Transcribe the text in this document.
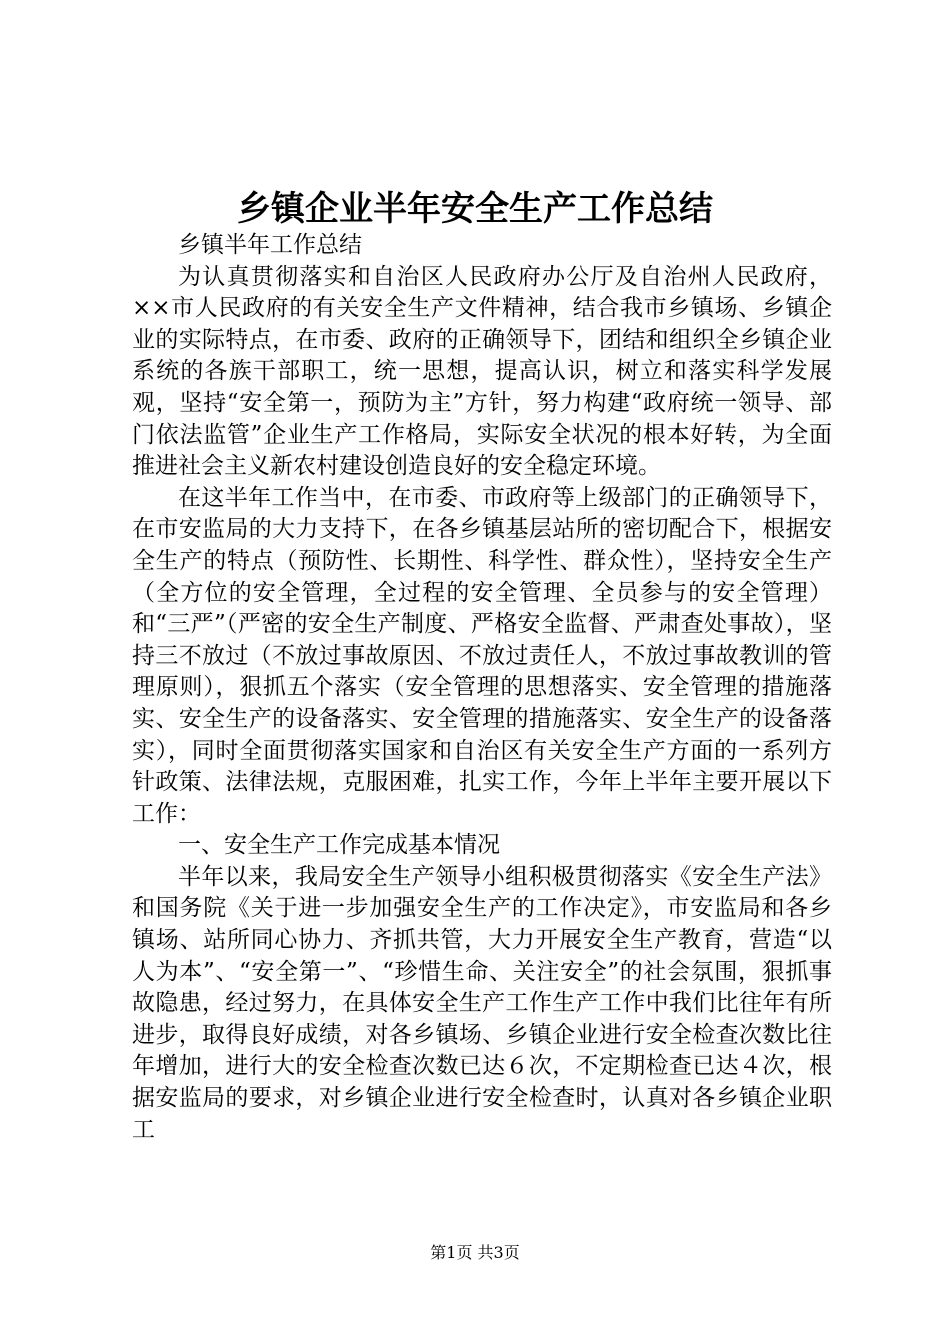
乡镇企业半年安全生产工作总结

乡镇半年工作总结

为认真贯彻落实和自治区人民政府办公厅及自治州人民政府，××市人民政府的有关安全生产文件精神，结合我市乡镇场、乡镇企业的实际特点，在市委、政府的正确领导下，团结和组织全乡镇企业系统的各族干部职工，统一思想，提高认识，树立和落实科学发展观，坚持“安全第一，预防为主”方针，努力构建“政府统一领导、部门依法监管”企业生产工作格局，实际安全状况的根本好转，为全面推进社会主义新农村建设创造良好的安全稳定环境。

在这半年工作当中，在市委、市政府等上级部门的正确领导下，在市安监局的大力支持下，在各乡镇基层站所的密切配合下，根据安全生产的特点（预防性、长期性、科学性、群众性），坚持安全生产（全方位的安全管理，全过程的安全管理、全员参与的安全管理）和“三严”（严密的安全生产制度、严格安全监督、严肃查处事故），坚持三不放过（不放过事故原因、不放过责任人，不放过事故教训的管理原则），狠抓五个落实（安全管理的思想落实、安全管理的措施落实、安全生产的设备落实、安全管理的措施落实、安全生产的设备落实），同时全面贯彻落实国家和自治区有关安全生产方面的一系列方针政策、法律法规，克服困难，扎实工作，今年上半年主要开展以下工作：

一、安全生产工作完成基本情况

半年以来，我局安全生产领导小组积极贯彻落实《安全生产法》和国务院《关于进一步加强安全生产的工作决定》，市安监局和各乡镇场、站所同心协力、齐抓共管，大力开展安全生产教育，营造“以人为本”、“安全第一”、“珍惜生命、关注安全”的社会氛围，狠抓事故隐患，经过努力，在具体安全生产工作生产工作中我们比往年有所进步，取得良好成绩，对各乡镇场、乡镇企业进行安全检查次数比往年增加，进行大的安全检查次数已达６次，不定期检查已达４次，根据安监局的要求，对乡镇企业进行安全检查时，认真对各乡镇企业职工

第1页 共3页
